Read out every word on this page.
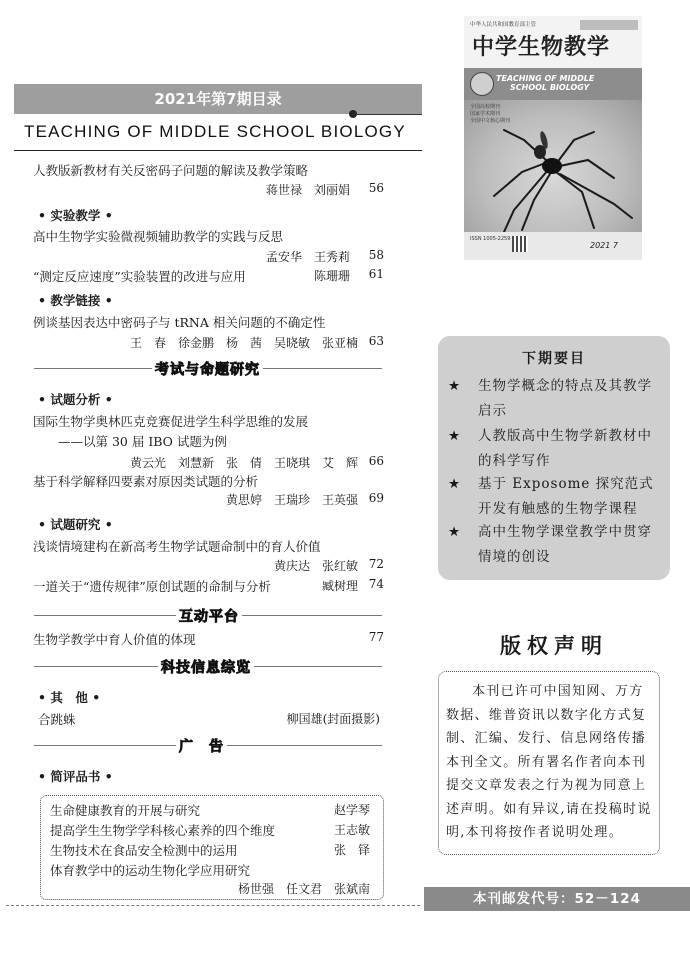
2021年第7期目录
TEACHING OF MIDDLE SCHOOL BIOLOGY
人教版新教材有关反密码子问题的解读及教学策略
蒋世禄　刘丽娟	56
• 实验教学 •
高中生物学实验微视频辅助教学的实践与反思
孟安华　王秀莉	58
“测定反应速度”实验装置的改进与应用	陈珊珊	61
• 教学链接 •
例谈基因表达中密码子与 tRNA 相关问题的不确定性
王　春　徐金鹏　杨　茜　吴晓敏　张亚楠 63
考试与命题研究
• 试题分析 •
国际生物学奥林匹克竞赛促进学生科学思维的发展
——以第 30 届 IBO 试题为例
黄云光　刘慧新　张　倩　王晓琪　艾　辉 66
基于科学解释四要素对原因类试题的分析
黄思婷　王瑞珍　王英强 69
• 试题研究 •
浅谈情境建构在新高考生物学试题命制中的育人价值
黄庆达　张红敏 72
一道关于“遗传规律”原创试题的命制与分析	臧树理 74
互动平台
生物学教学中育人价值的体现	77
科技信息综览
• 其　他 •
合跳蛛	柳国雄(封面摄影)
广　告
• 简评品书 •
生命健康教育的开展与研究	赵学琴
提高学生生物学学科核心素养的四个维度	王志敏
生物技术在食品安全检测中的运用	张　铎
体育教学中的运动生物化学应用研究
杨世强　任文君　张斌南
中华人民共和国教育部主管
中学生物教学
TEACHING OF MIDDLE
SCHOOL BIOLOGY
全国高校期刊
国家学术期刊
全国中文核心期刊
ISSN 1005-2259
2021 7
下期要目
★ 生物学概念的特点及其教学启示
★ 人教版高中生物学新教材中的科学写作
★ 基于 Exposome 探究范式开发有触感的生物学课程
★ 高中生物学课堂教学中贯穿情境的创设
版权声明
本刊已许可中国知网、万方数据、维普资讯以数字化方式复制、汇编、发行、信息网络传播本刊全文。所有署名作者向本刊提交文章发表之行为视为同意上述声明。如有异议,请在投稿时说明,本刊将按作者说明处理。
本刊邮发代号：52－124
